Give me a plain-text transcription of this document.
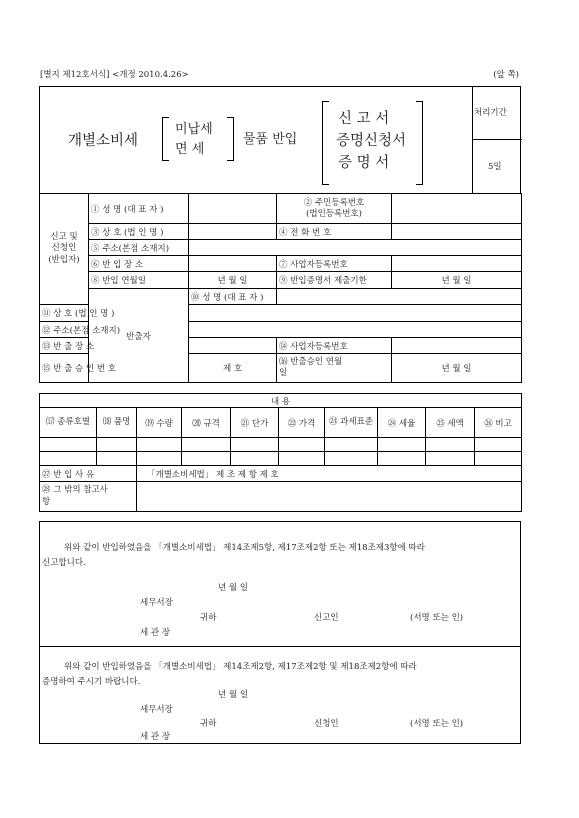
[별지 제12호서식] <개정 2010.4.26>	(앞 쪽)
개별소비세
미납세
면 세
물품 반입
신 고 서
증명신청서
증 명 서
처리기간
5일
신고 및
신청인
(반입자)	① 성 명 (대 표 자 )		② 주민등록번호
(법인등록번호)	
	③ 상 호 (법 인 명 )		④ 전 화 번 호	
	⑤ 주소(본점 소재지)			
	⑥ 반 입 장 소		⑦ 사업자등록번호	
	⑧ 반입 연월일	년 월 일	⑨ 반입증명서 제출기한	년 월 일
	반출자	⑩ 성 명 (대 표 자 )		
⑪ 상 호 (법 인 명 )				
⑫ 주소(본점 소재지)				
⑬ 반 출 장 소			⑭ 사업자등록번호	
⑮ 반 출 승 인 번 호		제 호	⒃ 반출승인 연월
일	년 월 일
내 용									
⒄ 종류호별	⒅ 품명	⒆ 수량	⒇ 규격	㉑ 단가	㉒ 가격	㉓ 과세표준	㉔ 세율	㉕ 세액	㉖ 비고

㉗ 반 입 사 유		「개별소비세법」 제 조 제 항 제 호							
㉘ 그 밖의 참고사
항									
위와 같이 반입하였음을 「개별소비세법」 제14조제5항, 제17조제2항 또는 제18조제3항에 따라
신고합니다.
년 월 일
세무서장
귀하	신고인	(서명 또는 인)
세 관 장
위와 같이 반입하였음을 「개별소비세법」 제14조제2항, 제17조제2항 및 제18조제2항에 따라
증명하여 주시기 바랍니다.
년 월 일
세무서장
귀하	신청인	(서명 또는 인)
세 관 장
